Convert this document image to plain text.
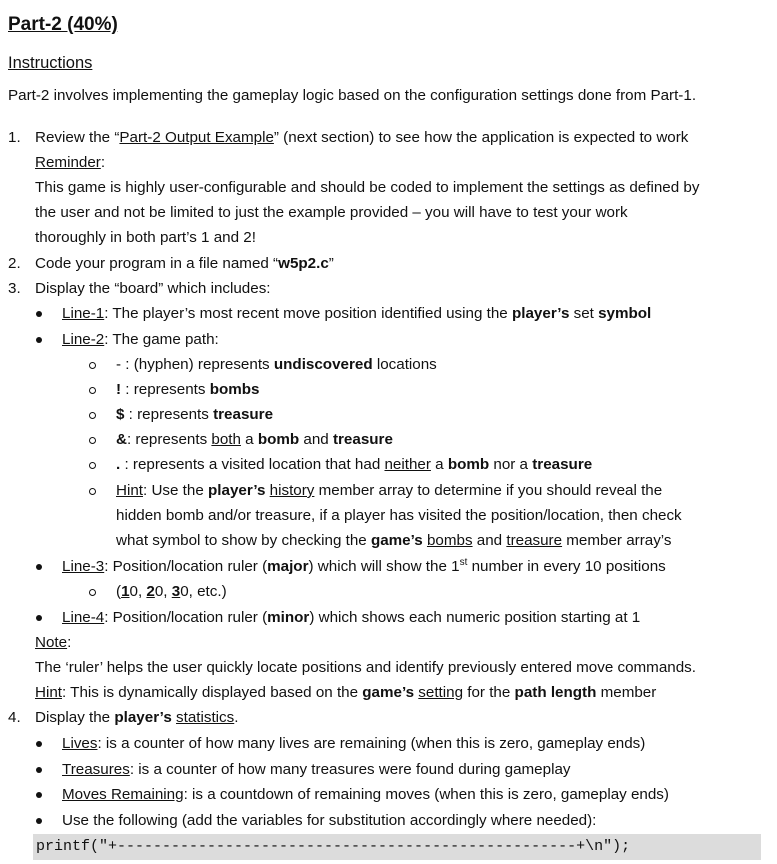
Part-2 (40%)
Instructions
Part-2 involves implementing the gameplay logic based on the configuration settings done from Part-1.
1. Review the “Part-2 Output Example” (next section) to see how the application is expected to work
Reminder:
This game is highly user-configurable and should be coded to implement the settings as defined by
the user and not be limited to just the example provided – you will have to test your work
thoroughly in both part’s 1 and 2!
2. Code your program in a file named “w5p2.c”
3. Display the “board” which includes:
Line-1: The player’s most recent move position identified using the player’s set symbol
Line-2: The game path:
- : (hyphen) represents undiscovered locations
! : represents bombs
$ : represents treasure
&: represents both a bomb and treasure
. : represents a visited location that had neither a bomb nor a treasure
Hint: Use the player’s history member array to determine if you should reveal the
hidden bomb and/or treasure, if a player has visited the position/location, then check
what symbol to show by checking the game’s bombs and treasure member array’s
Line-3: Position/location ruler (major) which will show the 1st number in every 10 positions
(10, 20, 30, etc.)
Line-4: Position/location ruler (minor) which shows each numeric position starting at 1
Note:
The ‘ruler’ helps the user quickly locate positions and identify previously entered move commands.
Hint: This is dynamically displayed based on the game’s setting for the path length member
4. Display the player’s statistics.
Lives: is a counter of how many lives are remaining (when this is zero, gameplay ends)
Treasures: is a counter of how many treasures were found during gameplay
Moves Remaining: is a countdown of remaining moves (when this is zero, gameplay ends)
Use the following (add the variables for substitution accordingly where needed):
printf("+---------------------------------------------------+\n");
